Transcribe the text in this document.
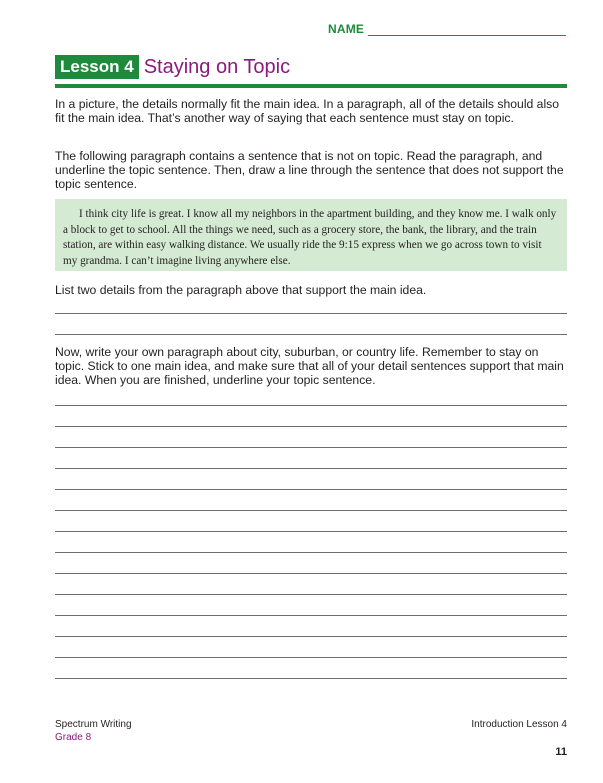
NAME
Lesson 4 Staying on Topic

In a picture, the details normally fit the main idea. In a paragraph, all of the details should also fit the main idea. That’s another way of saying that each sentence must stay on topic.

The following paragraph contains a sentence that is not on topic. Read the paragraph, and underline the topic sentence. Then, draw a line through the sentence that does not support the topic sentence.

I think city life is great. I know all my neighbors in the apartment building, and they know me. I walk only a block to get to school. All the things we need, such as a grocery store, the bank, the library, and the train station, are within easy walking distance. We usually ride the 9:15 express when we go across town to visit my grandma. I can’t imagine living anywhere else.

List two details from the paragraph above that support the main idea.

Now, write your own paragraph about city, suburban, or country life. Remember to stay on topic. Stick to one main idea, and make sure that all of your detail sentences support that main idea. When you are finished, underline your topic sentence.

Spectrum Writing
Grade 8
Introduction Lesson 4
11
